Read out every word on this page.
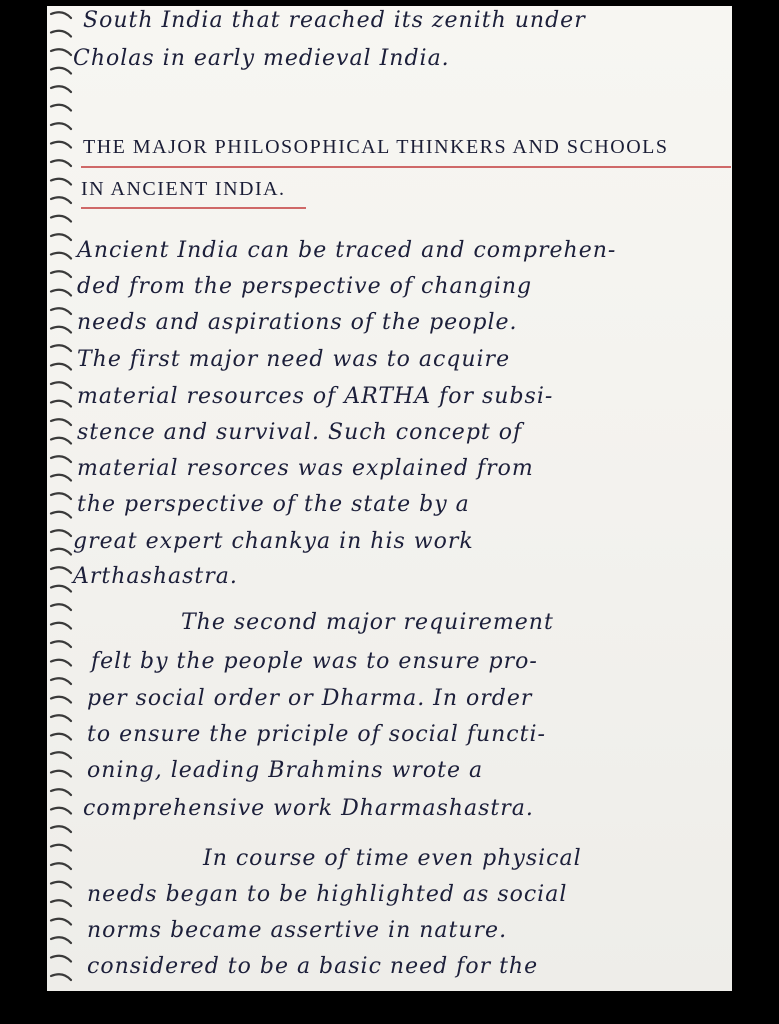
South India that reached its zenith under
Cholas in early medieval India.
THE MAJOR PHILOSOPHICAL THINKERS AND SCHOOLS
IN ANCIENT INDIA.
Ancient India can be traced and comprehen-
ded from the perspective of changing
needs and aspirations of the people.
The first major need was to acquire
material resources of ARTHA for subsi-
stence and survival. Such concept of
material resorces was explained from
the perspective of the state by a
great expert chankya in his work
Arthashastra.
The second major requirement
felt by the people was to ensure pro-
per social order or Dharma. In order
to ensure the priciple of social functi-
oning, leading Brahmins wrote a
comprehensive work Dharmashastra.
In course of time even physical
needs began to be highlighted as social
norms became assertive in nature.
considered to be a basic need for the
